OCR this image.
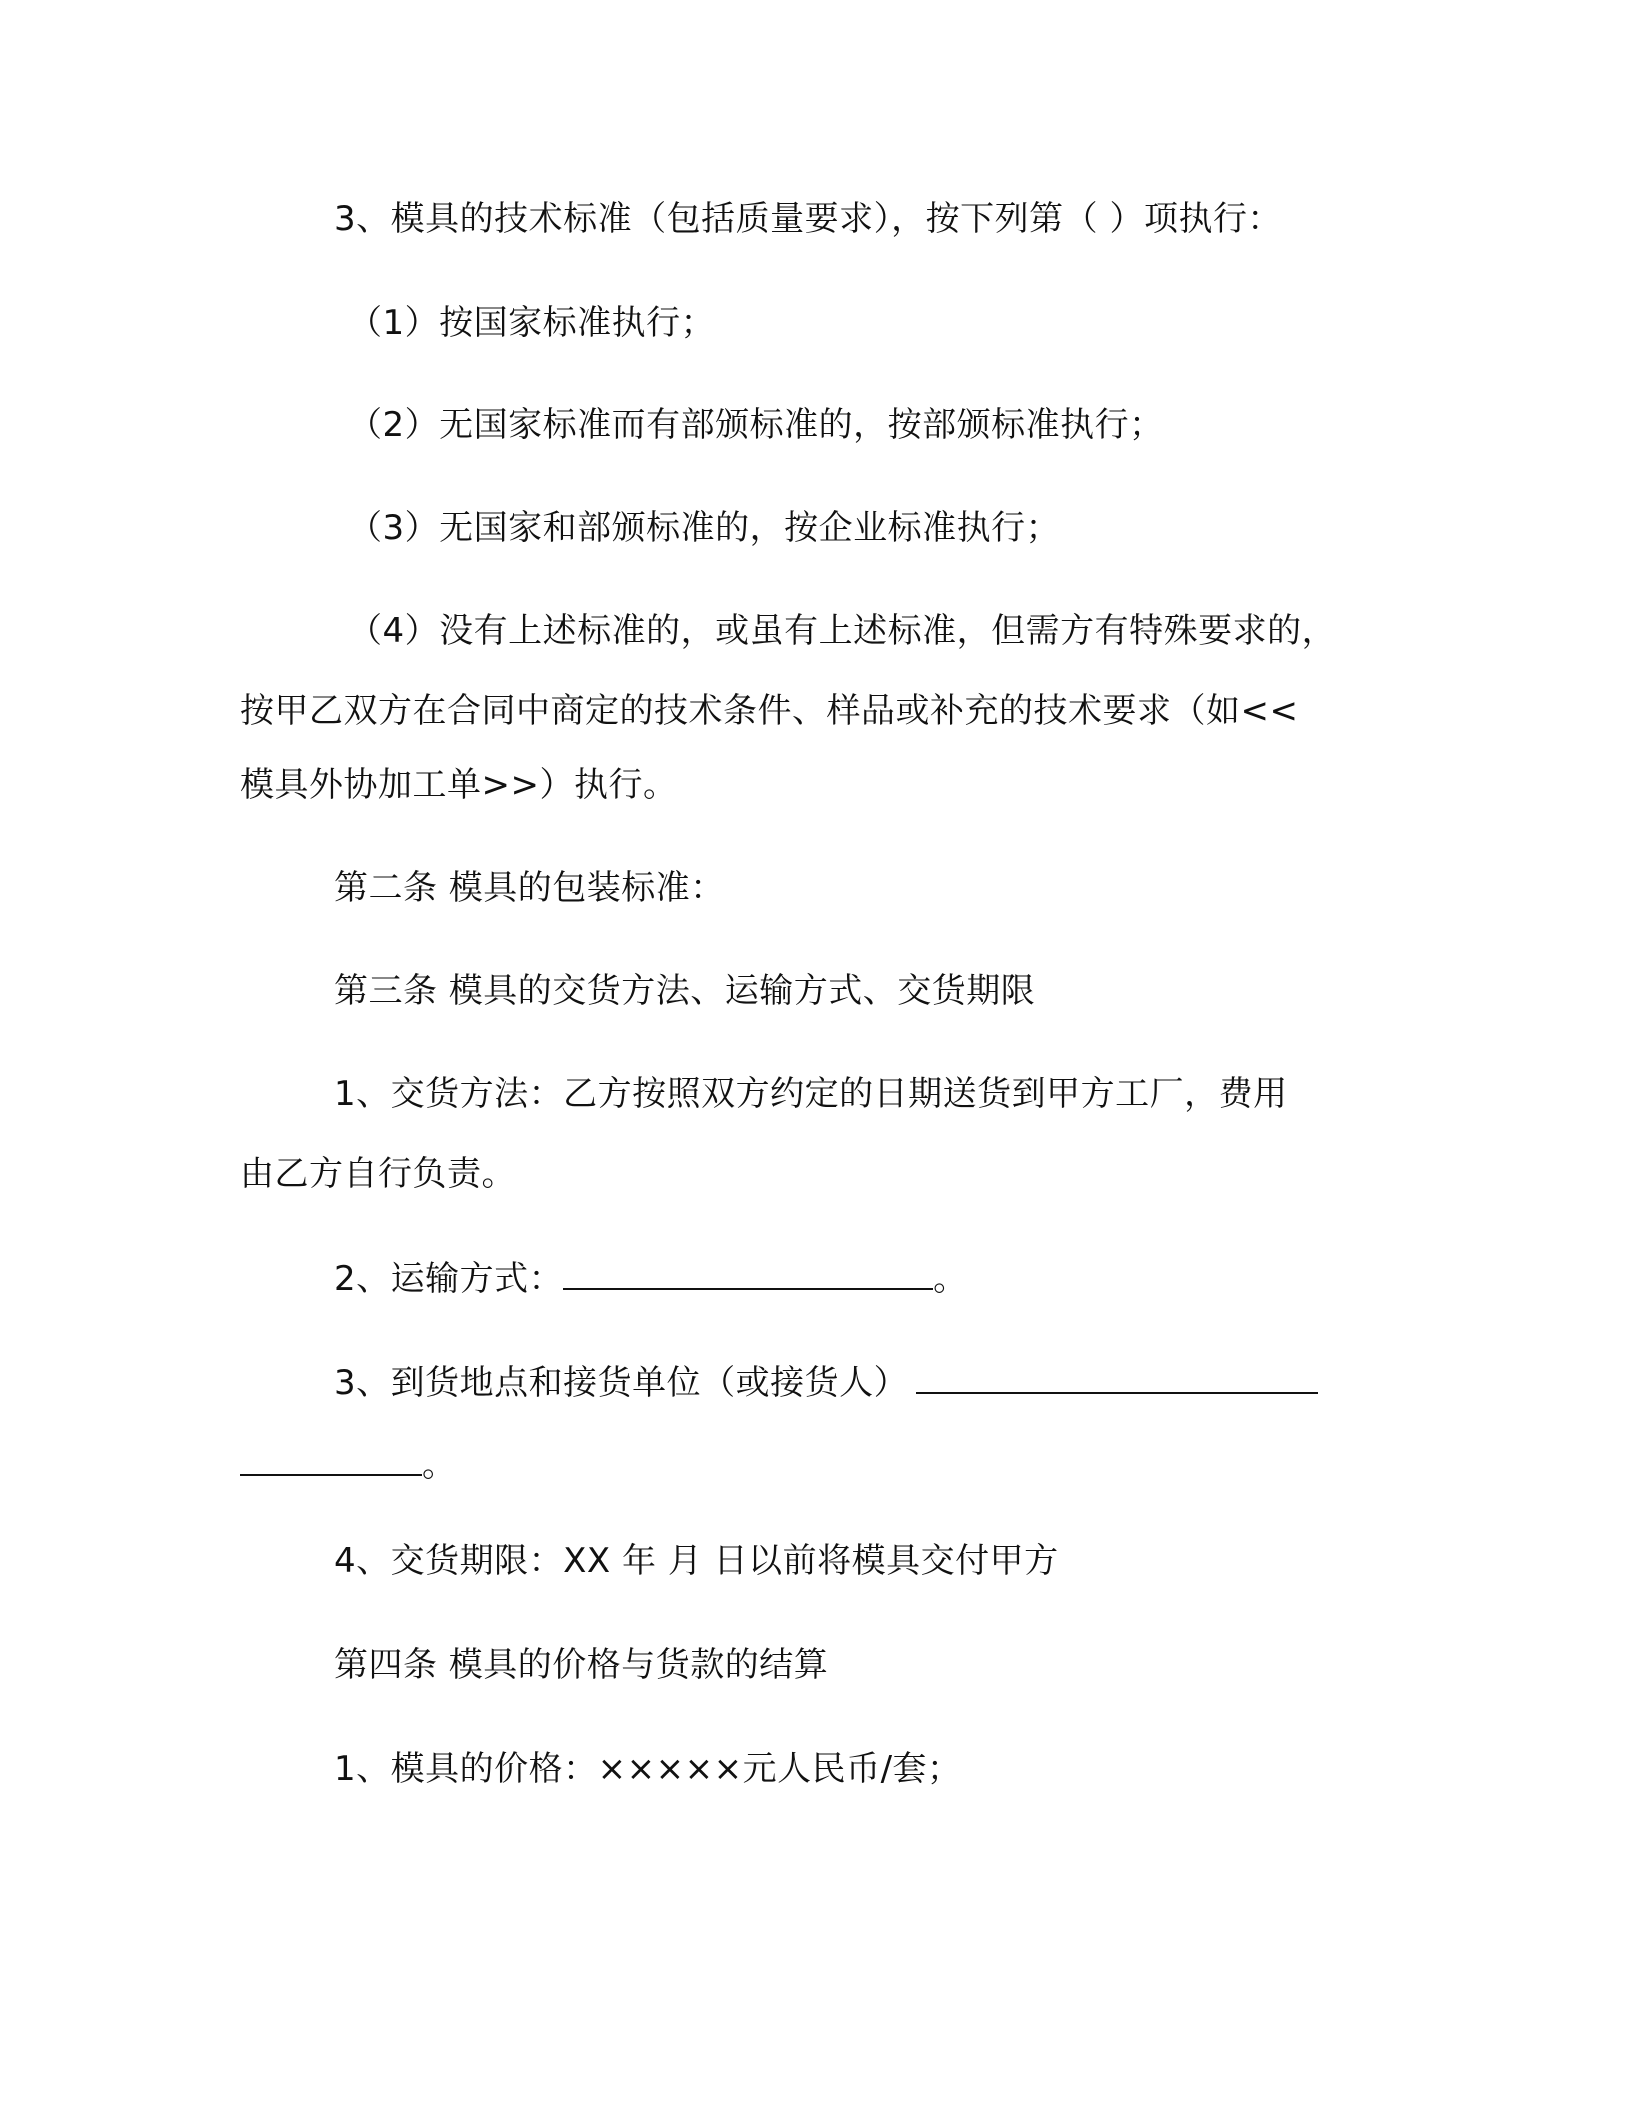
3、模具的技术标准（包括质量要求），按下列第（ ）项执行：
（1）按国家标准执行；
（2）无国家标准而有部颁标准的，按部颁标准执行；
（3）无国家和部颁标准的，按企业标准执行；
（4）没有上述标准的，或虽有上述标准，但需方有特殊要求的，
按甲乙双方在合同中商定的技术条件、样品或补充的技术要求（如<<
模具外协加工单>>）执行。
第二条 模具的包装标准：
第三条 模具的交货方法、运输方式、交货期限
1、交货方法：乙方按照双方约定的日期送货到甲方工厂，费用
由乙方自行负责。
2、运输方式：	。
3、到货地点和接货单位（或接货人）
。
4、交货期限：XX 年 月 日以前将模具交付甲方
第四条 模具的价格与货款的结算
1、模具的价格：×××××元人民币/套；
